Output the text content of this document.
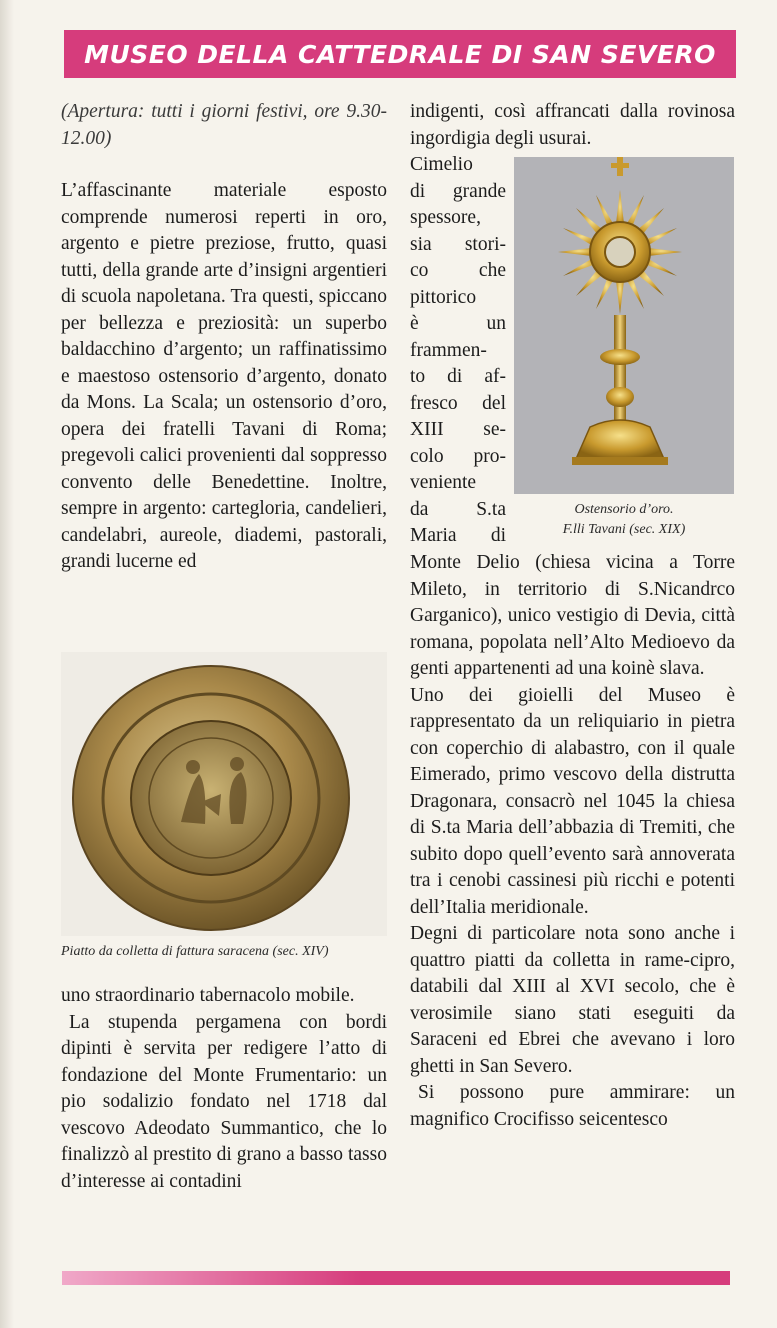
MUSEO DELLA CATTEDRALE DI SAN SEVERO

(Apertura: tutti i giorni festivi, ore 9.30-12.00)

L’affascinante materiale esposto comprende numerosi reperti in oro, argento e pietre preziose, frutto, quasi tutti, della grande arte d’insigni argentieri di scuola napoletana. Tra questi, spiccano per bellezza e preziosità: un superbo baldacchino d’argento; un raffinatissimo e maestoso ostensorio d’argento, donato da Mons. La Scala; un ostensorio d’oro, opera dei fratelli Tavani di Roma; pregevoli calici provenienti dal soppresso convento delle Benedettine. Inoltre, sempre in argento: cartegloria, candelieri, candelabri, aureole, diademi, pastorali, grandi lucerne ed

Piatto da colletta di fattura saracena (sec. XIV)

uno straordinario tabernacolo mobile.

La stupenda pergamena con bordi dipinti è servita per redigere l’atto di fondazione del Monte Frumentario: un pio sodalizio fondato nel 1718 dal vescovo Adeodato Summantico, che lo finalizzò al prestito di grano a basso tasso d’interesse ai contadini

indigenti, così affrancati dalla rovinosa ingordigia degli usurai.

Cimelio
di grande
spessore,
sia stori-
co che
pittorico
è un
frammen-
to di af-
fresco del
XIII se-
colo pro-
veniente
da S.ta
Maria di
Ostensorio d’oro.
F.lli Tavani (sec. XIX)

Monte Delio (chiesa vicina a Torre Mileto, in territorio di S.Nicandrco Garganico), unico vestigio di Devia, città romana, popolata nell’Alto Medioevo da genti appartenenti ad una koinè slava.

Uno dei gioielli del Museo è rappresentato da un reliquiario in pietra con coperchio di alabastro, con il quale Eimerado, primo vescovo della distrutta Dragonara, consacrò nel 1045 la chiesa di S.ta Maria dell’abbazia di Tremiti, che subito dopo quell’evento sarà annoverata tra i cenobi cassinesi più ricchi e potenti dell’Italia meridionale.

Degni di particolare nota sono anche i quattro piatti da colletta in rame-cipro, databili dal XIII al XVI secolo, che è verosimile siano stati eseguiti da Saraceni ed Ebrei che avevano i loro ghetti in San Severo.

Si possono pure ammirare: un magnifico Crocifisso seicentesco
